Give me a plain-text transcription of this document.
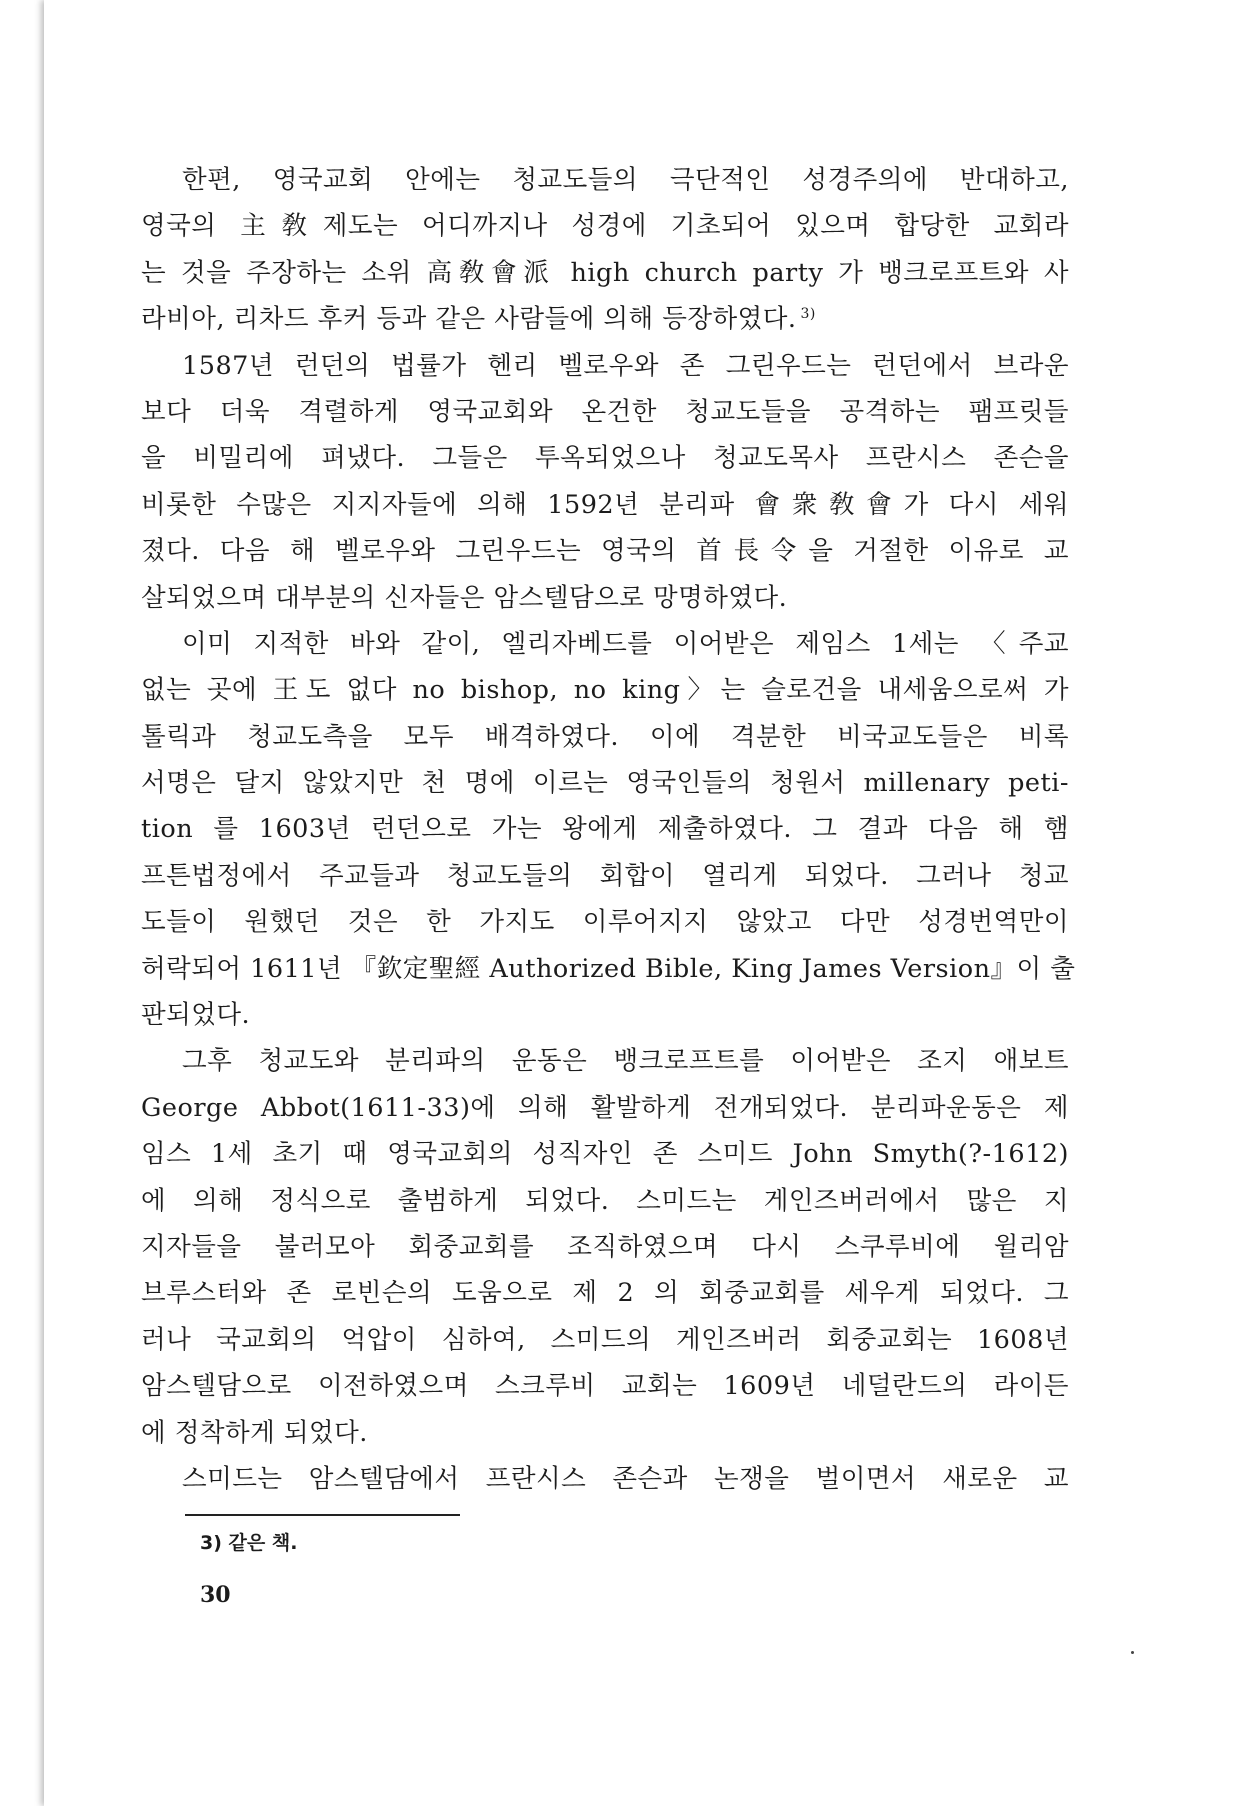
한편, 영국교회 안에는 청교도들의 극단적인 성경주의에 반대하고,
영국의 主敎제도는 어디까지나 성경에 기초되어 있으며 합당한 교회라
는 것을 주장하는 소위 高敎會派 high church party 가 뱅크로프트와 사
라비아, 리차드 후커 등과 같은 사람들에 의해 등장하였다. $^{3)}$
1587년 런던의 법률가 헨리 벨로우와 존 그린우드는 런던에서 브라운
보다 더욱 격렬하게 영국교회와 온건한 청교도들을 공격하는 팸프릿들
을 비밀리에 펴냈다. 그들은 투옥되었으나 청교도목사 프란시스 존슨을
비롯한 수많은 지지자들에 의해 1592년 분리파 會衆敎會가 다시 세워
졌다. 다음 해 벨로우와 그린우드는 영국의 首長令을 거절한 이유로 교
살되었으며 대부분의 신자들은 암스텔담으로 망명하였다.
이미 지적한 바와 같이, 엘리자베드를 이어받은 제임스 1세는 〈주교
없는 곳에 王도 없다 no bishop, no king〉는 슬로건을 내세움으로써 가
톨릭과 청교도측을 모두 배격하였다. 이에 격분한 비국교도들은 비록
서명은 달지 않았지만 천 명에 이르는 영국인들의 청원서 millenary peti-
tion 를 1603년 런던으로 가는 왕에게 제출하였다. 그 결과 다음 해 햄
프튼법정에서 주교들과 청교도들의 회합이 열리게 되었다. 그러나 청교
도들이 원했던 것은 한 가지도 이루어지지 않았고 다만 성경번역만이
허락되어 1611년 『欽定聖經 Authorized Bible, King James Version』이 출
판되었다.
그후 청교도와 분리파의 운동은 뱅크로프트를 이어받은 조지 애보트
George Abbot(1611-33)에 의해 활발하게 전개되었다. 분리파운동은 제
임스 1세 초기 때 영국교회의 성직자인 존 스미드 John Smyth(?-1612)
에 의해 정식으로 출범하게 되었다. 스미드는 게인즈버러에서 많은 지
지자들을 불러모아 회중교회를 조직하였으며 다시 스쿠루비에 윌리암
브루스터와 존 로빈슨의 도움으로 제 2 의 회중교회를 세우게 되었다. 그
러나 국교회의 억압이 심하여, 스미드의 게인즈버러 회중교회는 1608년
암스텔담으로 이전하였으며 스크루비 교회는 1609년 네덜란드의 라이든
에 정착하게 되었다.
스미드는 암스텔담에서 프란시스 존슨과 논쟁을 벌이면서 새로운 교
3) 같은 책.
30
